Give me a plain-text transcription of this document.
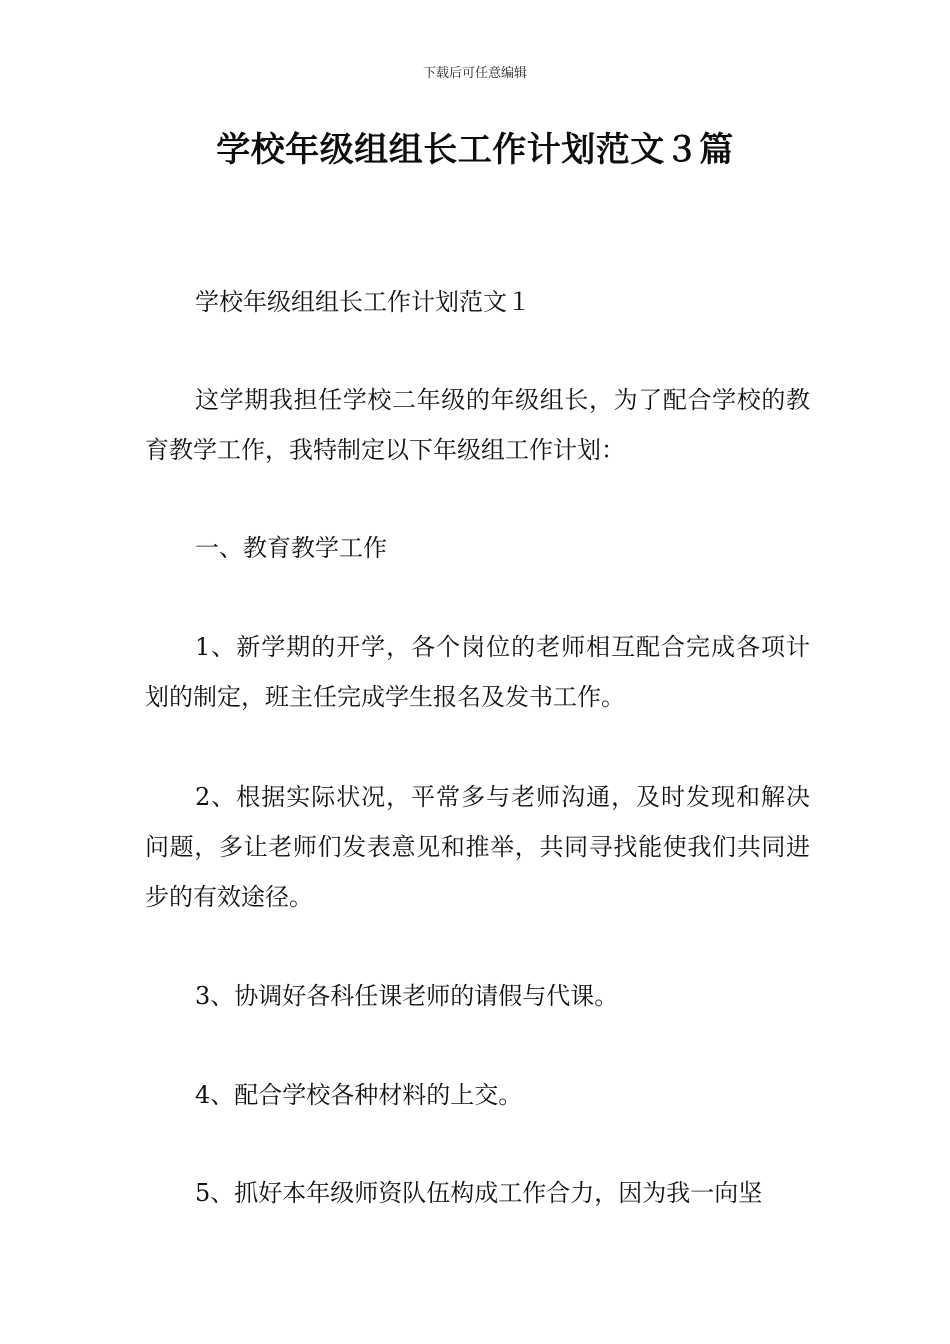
下载后可任意编辑
学校年级组组长工作计划范文３篇

学校年级组组长工作计划范文１

这学期我担任学校二年级的年级组长，为了配合学校的教育教学工作，我特制定以下年级组工作计划：

一、教育教学工作

1、新学期的开学，各个岗位的老师相互配合完成各项计划的制定，班主任完成学生报名及发书工作。

2、根据实际状况，平常多与老师沟通，及时发现和解决问题，多让老师们发表意见和推举，共同寻找能使我们共同进步的有效途径。

3、协调好各科任课老师的请假与代课。

4、配合学校各种材料的上交。

5、抓好本年级师资队伍构成工作合力，因为我一向坚
